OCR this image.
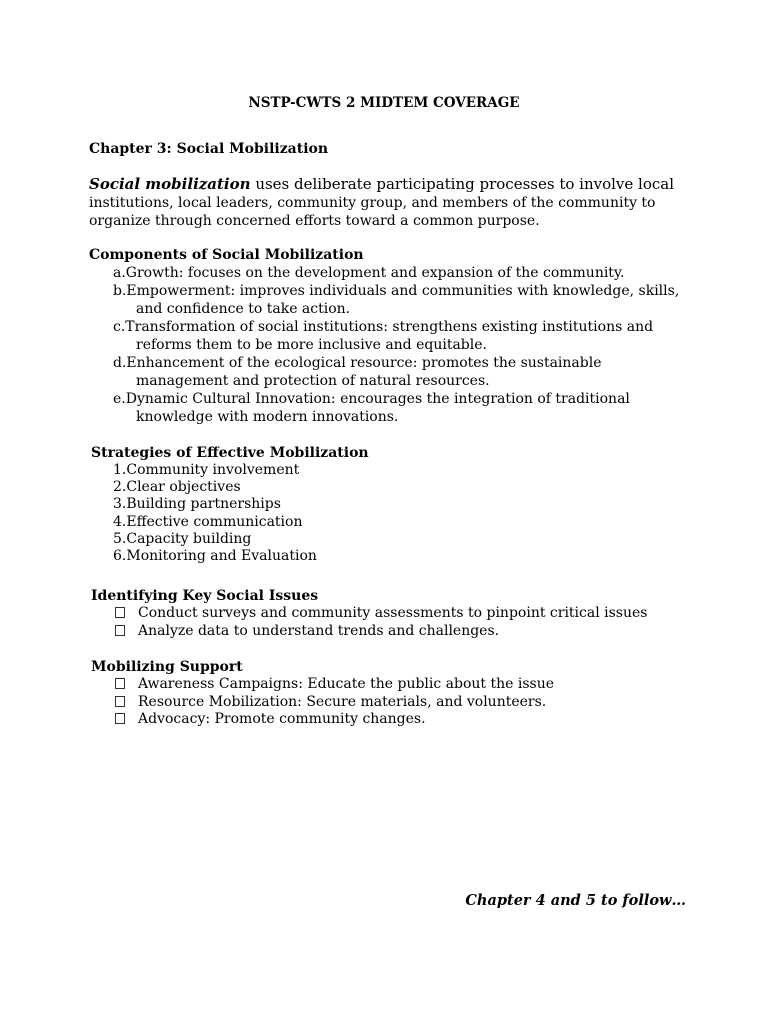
NSTP-CWTS 2 MIDTEM COVERAGE
Chapter 3: Social Mobilization
Social mobilization uses deliberate participating processes to involve local institutions, local leaders, community group, and members of the community to organize through concerned efforts toward a common purpose.
Components of Social Mobilization
a.Growth: focuses on the development and expansion of the community.
b.Empowerment: improves individuals and communities with knowledge, skills, and confidence to take action.
c.Transformation of social institutions: strengthens existing institutions and reforms them to be more inclusive and equitable.
d.Enhancement of the ecological resource: promotes the sustainable management and protection of natural resources.
e.Dynamic Cultural Innovation: encourages the integration of traditional knowledge with modern innovations.
Strategies of Effective Mobilization
1.Community involvement
2.Clear objectives
3.Building partnerships
4.Effective communication
5.Capacity building
6.Monitoring and Evaluation
Identifying Key Social Issues
Conduct surveys and community assessments to pinpoint critical issues
Analyze data to understand trends and challenges.
Mobilizing Support
Awareness Campaigns: Educate the public about the issue
Resource Mobilization: Secure materials, and volunteers.
Advocacy: Promote community changes.
Chapter 4 and 5 to follow…
